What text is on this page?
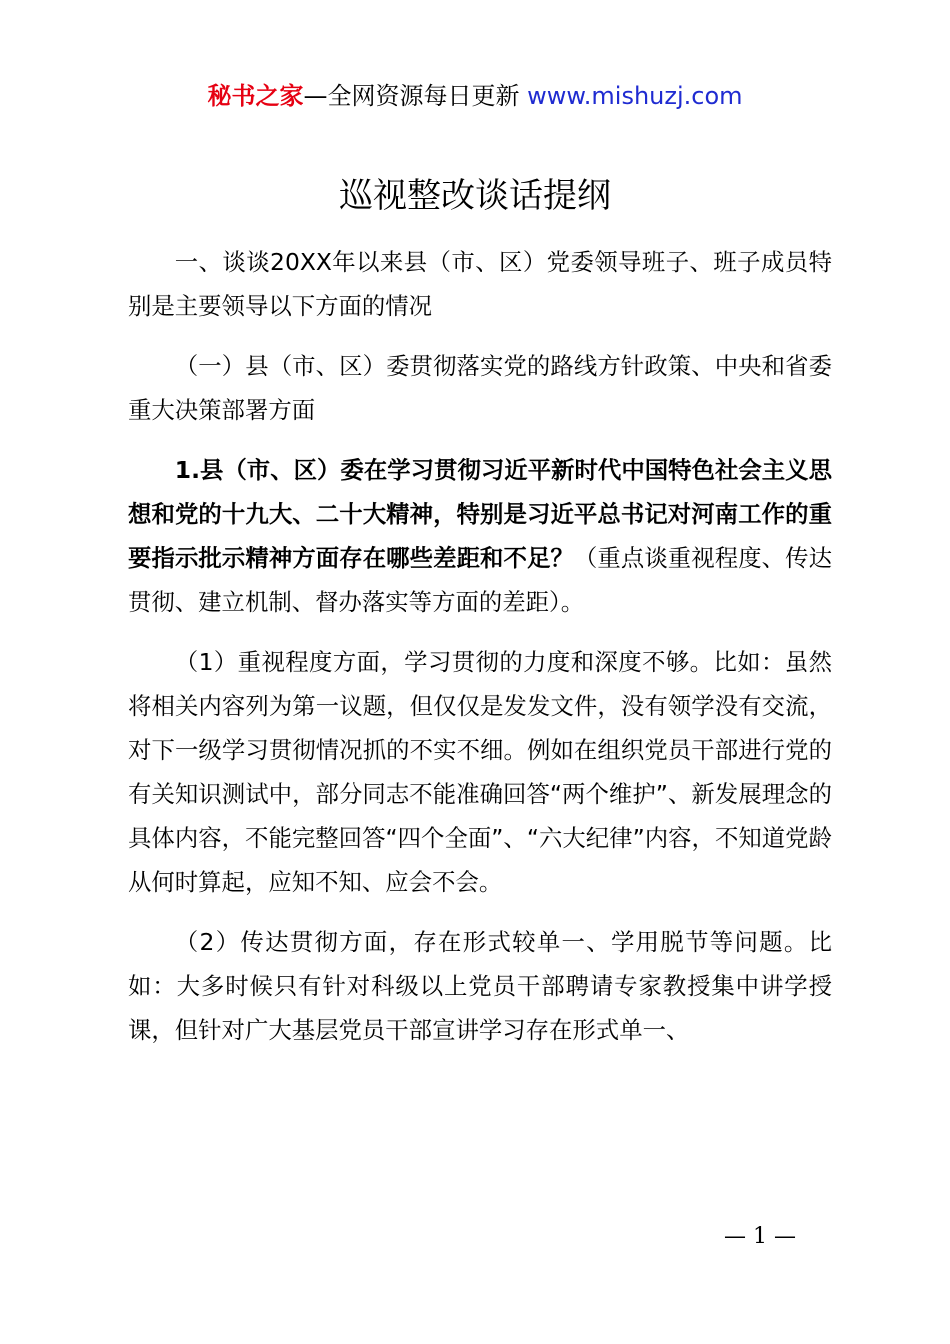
秘书之家—全网资源每日更新 www.mishuzj.com
巡视整改谈话提纲

一、谈谈20XX年以来县（市、区）党委领导班子、班子成员特别是主要领导以下方面的情况

（一）县（市、区）委贯彻落实党的路线方针政策、中央和省委重大决策部署方面

1.县（市、区）委在学习贯彻习近平新时代中国特色社会主义思想和党的十九大、二十大精神，特别是习近平总书记对河南工作的重要指示批示精神方面存在哪些差距和不足？（重点谈重视程度、传达贯彻、建立机制、督办落实等方面的差距）。

（1）重视程度方面，学习贯彻的力度和深度不够。比如：虽然将相关内容列为第一议题，但仅仅是发发文件，没有领学没有交流，对下一级学习贯彻情况抓的不实不细。例如在组织党员干部进行党的有关知识测试中，部分同志不能准确回答“两个维护”、新发展理念的具体内容，不能完整回答“四个全面”、“六大纪律”内容，不知道党龄从何时算起，应知不知、应会不会。

（2）传达贯彻方面，存在形式较单一、学用脱节等问题。比如：大多时候只有针对科级以上党员干部聘请专家教授集中讲学授课，但针对广大基层党员干部宣讲学习存在形式单一、

— 1 —
